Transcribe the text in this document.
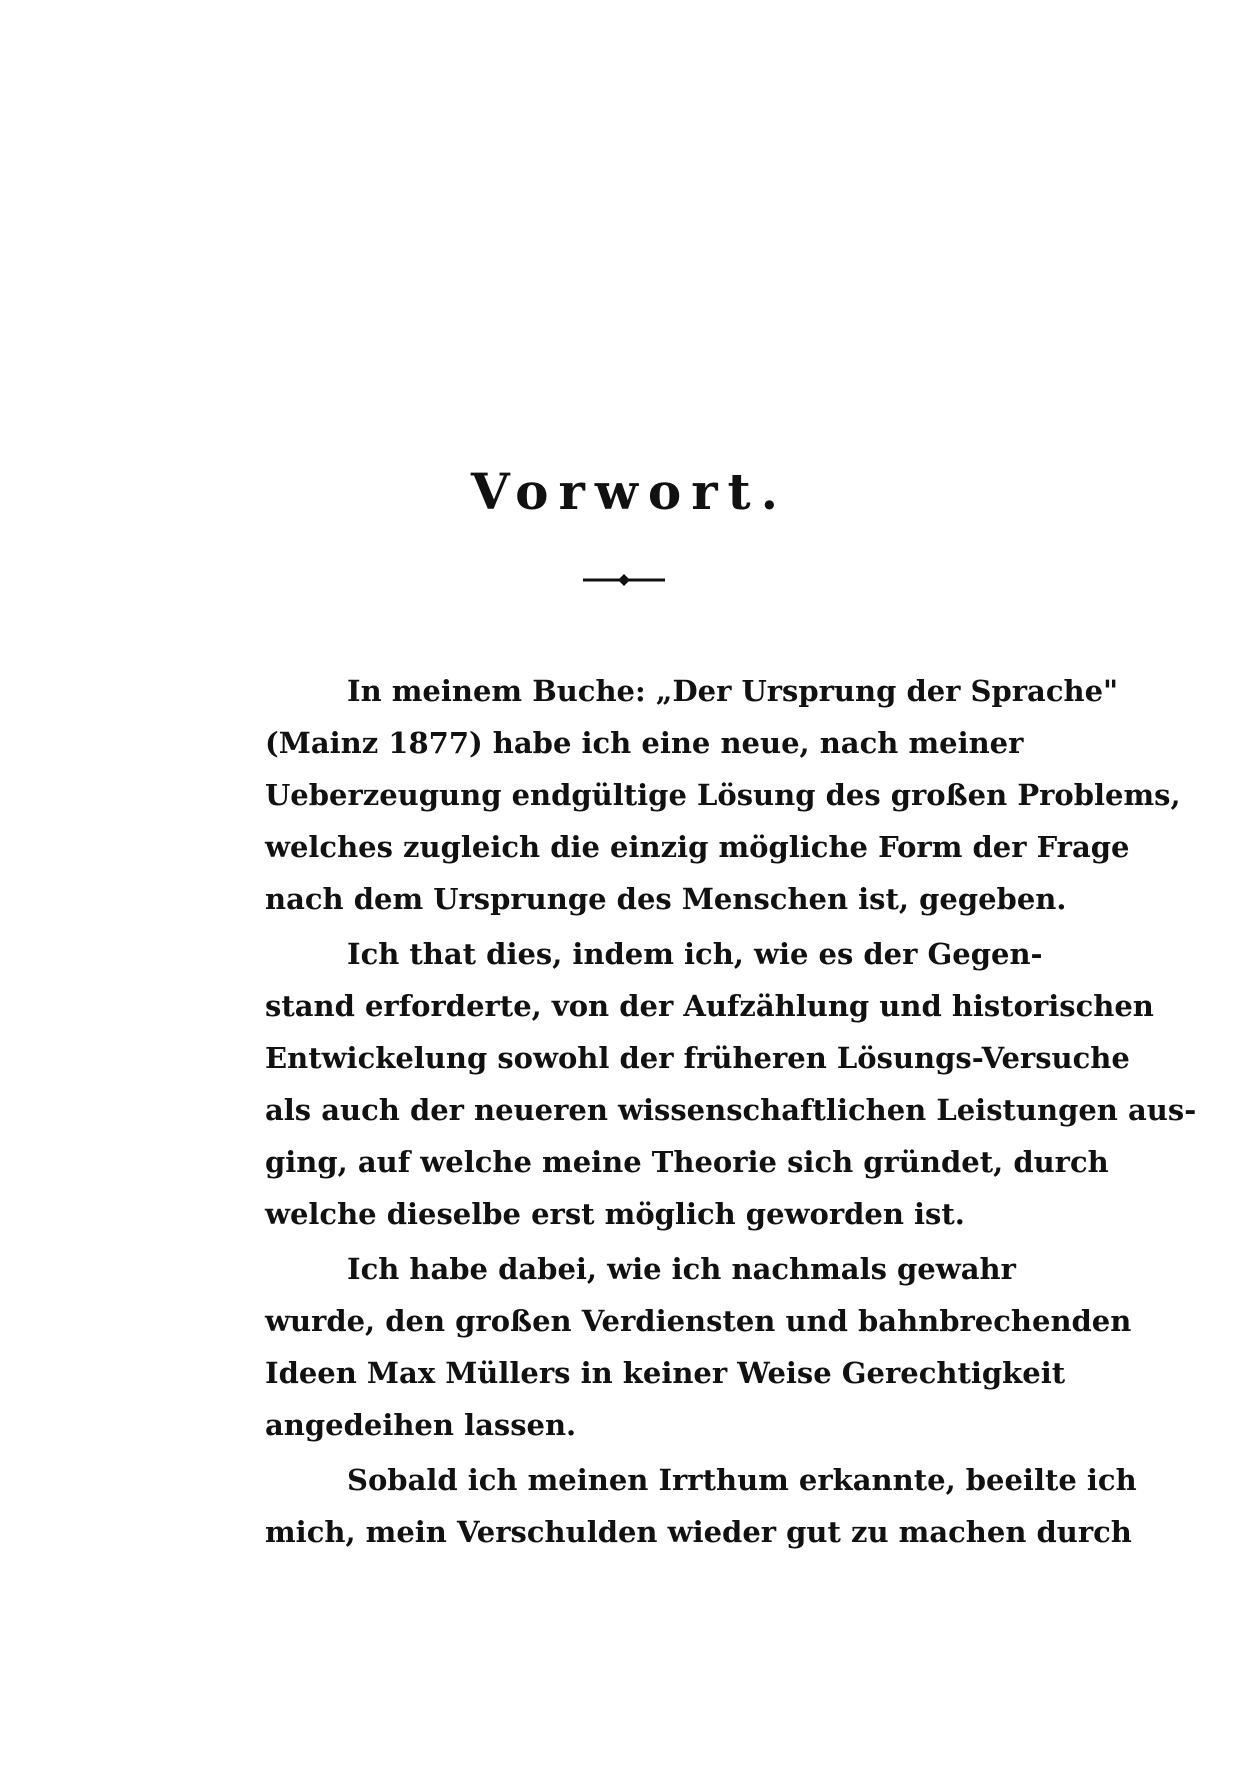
Vorwort.
In meinem Buche: „Der Ursprung der Sprache"
(Mainz 1877) habe ich eine neue, nach meiner
Ueberzeugung endgültige Lösung des großen Problems,
welches zugleich die einzig mögliche Form der Frage
nach dem Ursprunge des Menschen ist, gegeben.
Ich that dies, indem ich, wie es der Gegen-
stand erforderte, von der Aufzählung und historischen
Entwickelung sowohl der früheren Lösungs-Versuche
als auch der neueren wissenschaftlichen Leistungen aus-
ging, auf welche meine Theorie sich gründet, durch
welche dieselbe erst möglich geworden ist.
Ich habe dabei, wie ich nachmals gewahr
wurde, den großen Verdiensten und bahnbrechenden
Ideen Max Müllers in keiner Weise Gerechtigkeit
angedeihen lassen.
Sobald ich meinen Irrthum erkannte, beeilte ich
mich, mein Verschulden wieder gut zu machen durch
